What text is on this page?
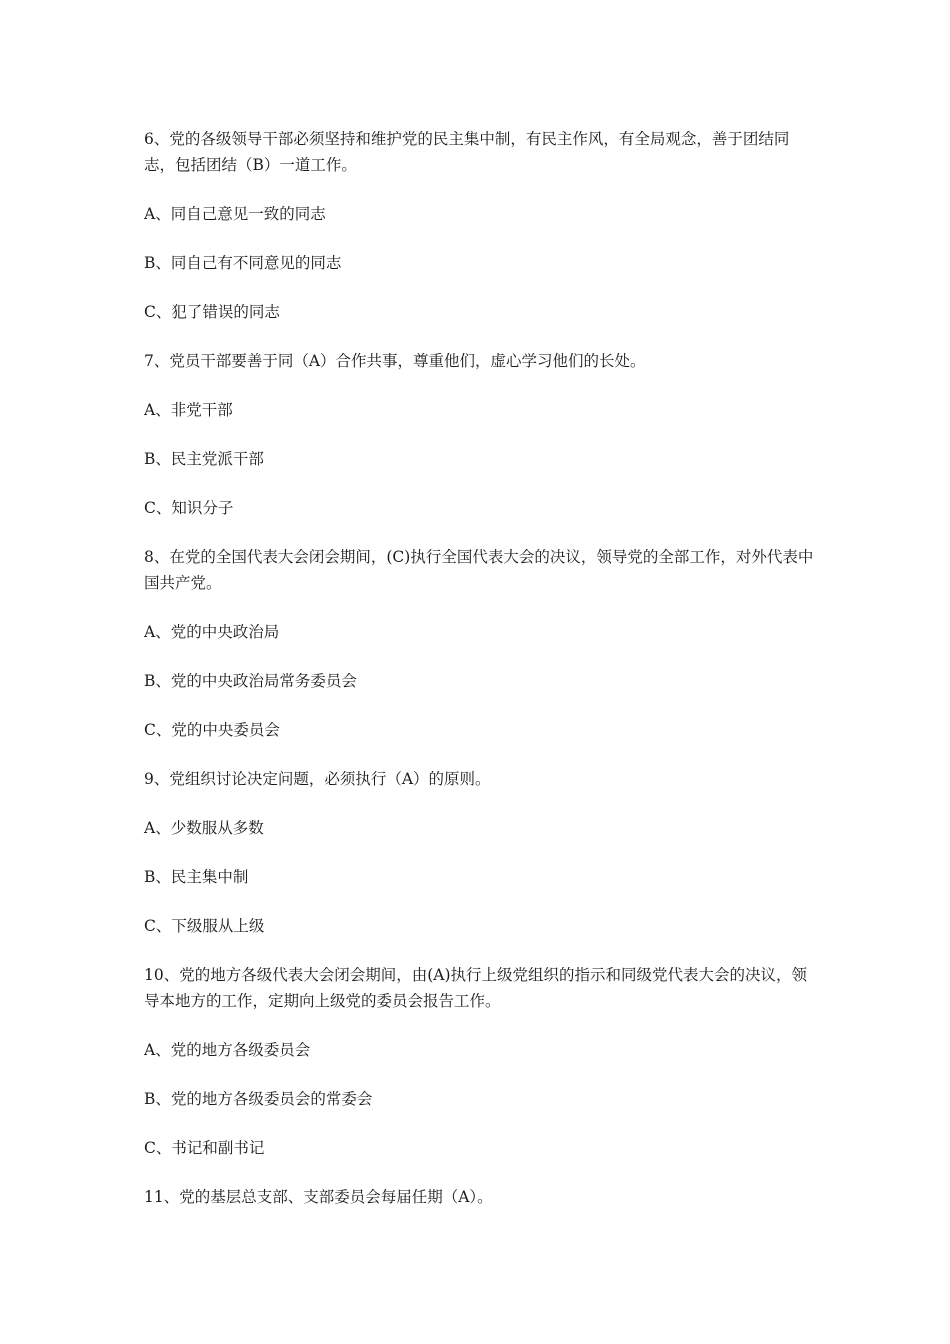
6、党的各级领导干部必须坚持和维护党的民主集中制，有民主作风，有全局观念，善于团结同志，包括团结（B）一道工作。

A、同自己意见一致的同志

B、同自己有不同意见的同志

C、犯了错误的同志

7、党员干部要善于同（A）合作共事，尊重他们，虚心学习他们的长处。

A、非党干部

B、民主党派干部

C、知识分子

8、在党的全国代表大会闭会期间，(C)执行全国代表大会的决议，领导党的全部工作，对外代表中国共产党。

A、党的中央政治局

B、党的中央政治局常务委员会

C、党的中央委员会

9、党组织讨论决定问题，必须执行（A）的原则。

A、少数服从多数

B、民主集中制

C、下级服从上级

10、党的地方各级代表大会闭会期间，由(A)执行上级党组织的指示和同级党代表大会的决议，领导本地方的工作，定期向上级党的委员会报告工作。

A、党的地方各级委员会

B、党的地方各级委员会的常委会

C、书记和副书记

11、党的基层总支部、支部委员会每届任期（A）。
